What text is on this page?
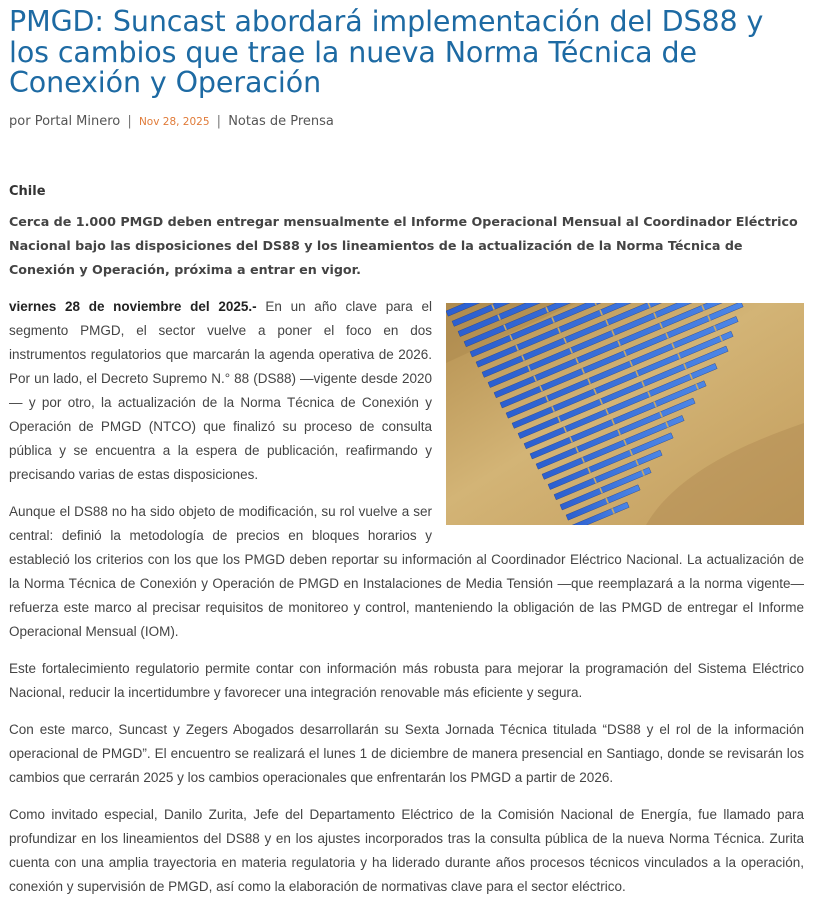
PMGD: Suncast abordará implementación del DS88 y los cambios que trae la nueva Norma Técnica de Conexión y Operación
por Portal Minero | Nov 28, 2025 | Notas de Prensa
Chile
Cerca de 1.000 PMGD deben entregar mensualmente el Informe Operacional Mensual al Coordinador Eléctrico Nacional bajo las disposiciones del DS88 y los lineamientos de la actualización de la Norma Técnica de Conexión y Operación, próxima a entrar en vigor.

viernes 28 de noviembre del 2025.- En un año clave para el segmento PMGD, el sector vuelve a poner el foco en dos instrumentos regulatorios que marcarán la agenda operativa de 2026. Por un lado, el Decreto Supremo N.° 88 (DS88) —vigente desde 2020— y por otro, la actualización de la Norma Técnica de Conexión y Operación de PMGD (NTCO) que finalizó su proceso de consulta pública y se encuentra a la espera de publicación, reafirmando y precisando varias de estas disposiciones.

Aunque el DS88 no ha sido objeto de modificación, su rol vuelve a ser central: definió la metodología de precios en bloques horarios y estableció los criterios con los que los PMGD deben reportar su información al Coordinador Eléctrico Nacional. La actualización de la Norma Técnica de Conexión y Operación de PMGD en Instalaciones de Media Tensión —que reemplazará a la norma vigente— refuerza este marco al precisar requisitos de monitoreo y control, manteniendo la obligación de las PMGD de entregar el Informe Operacional Mensual (IOM).

Este fortalecimiento regulatorio permite contar con información más robusta para mejorar la programación del Sistema Eléctrico Nacional, reducir la incertidumbre y favorecer una integración renovable más eficiente y segura.

Con este marco, Suncast y Zegers Abogados desarrollarán su Sexta Jornada Técnica titulada “DS88 y el rol de la información operacional de PMGD”. El encuentro se realizará el lunes 1 de diciembre de manera presencial en Santiago, donde se revisarán los cambios que cerrarán 2025 y los cambios operacionales que enfrentarán los PMGD a partir de 2026.

Como invitado especial, Danilo Zurita, Jefe del Departamento Eléctrico de la Comisión Nacional de Energía, fue llamado para profundizar en los lineamientos del DS88 y en los ajustes incorporados tras la consulta pública de la nueva Norma Técnica. Zurita cuenta con una amplia trayectoria en materia regulatoria y ha liderado durante años procesos técnicos vinculados a la operación, conexión y supervisión de PMGD, así como la elaboración de normativas clave para el sector eléctrico.
